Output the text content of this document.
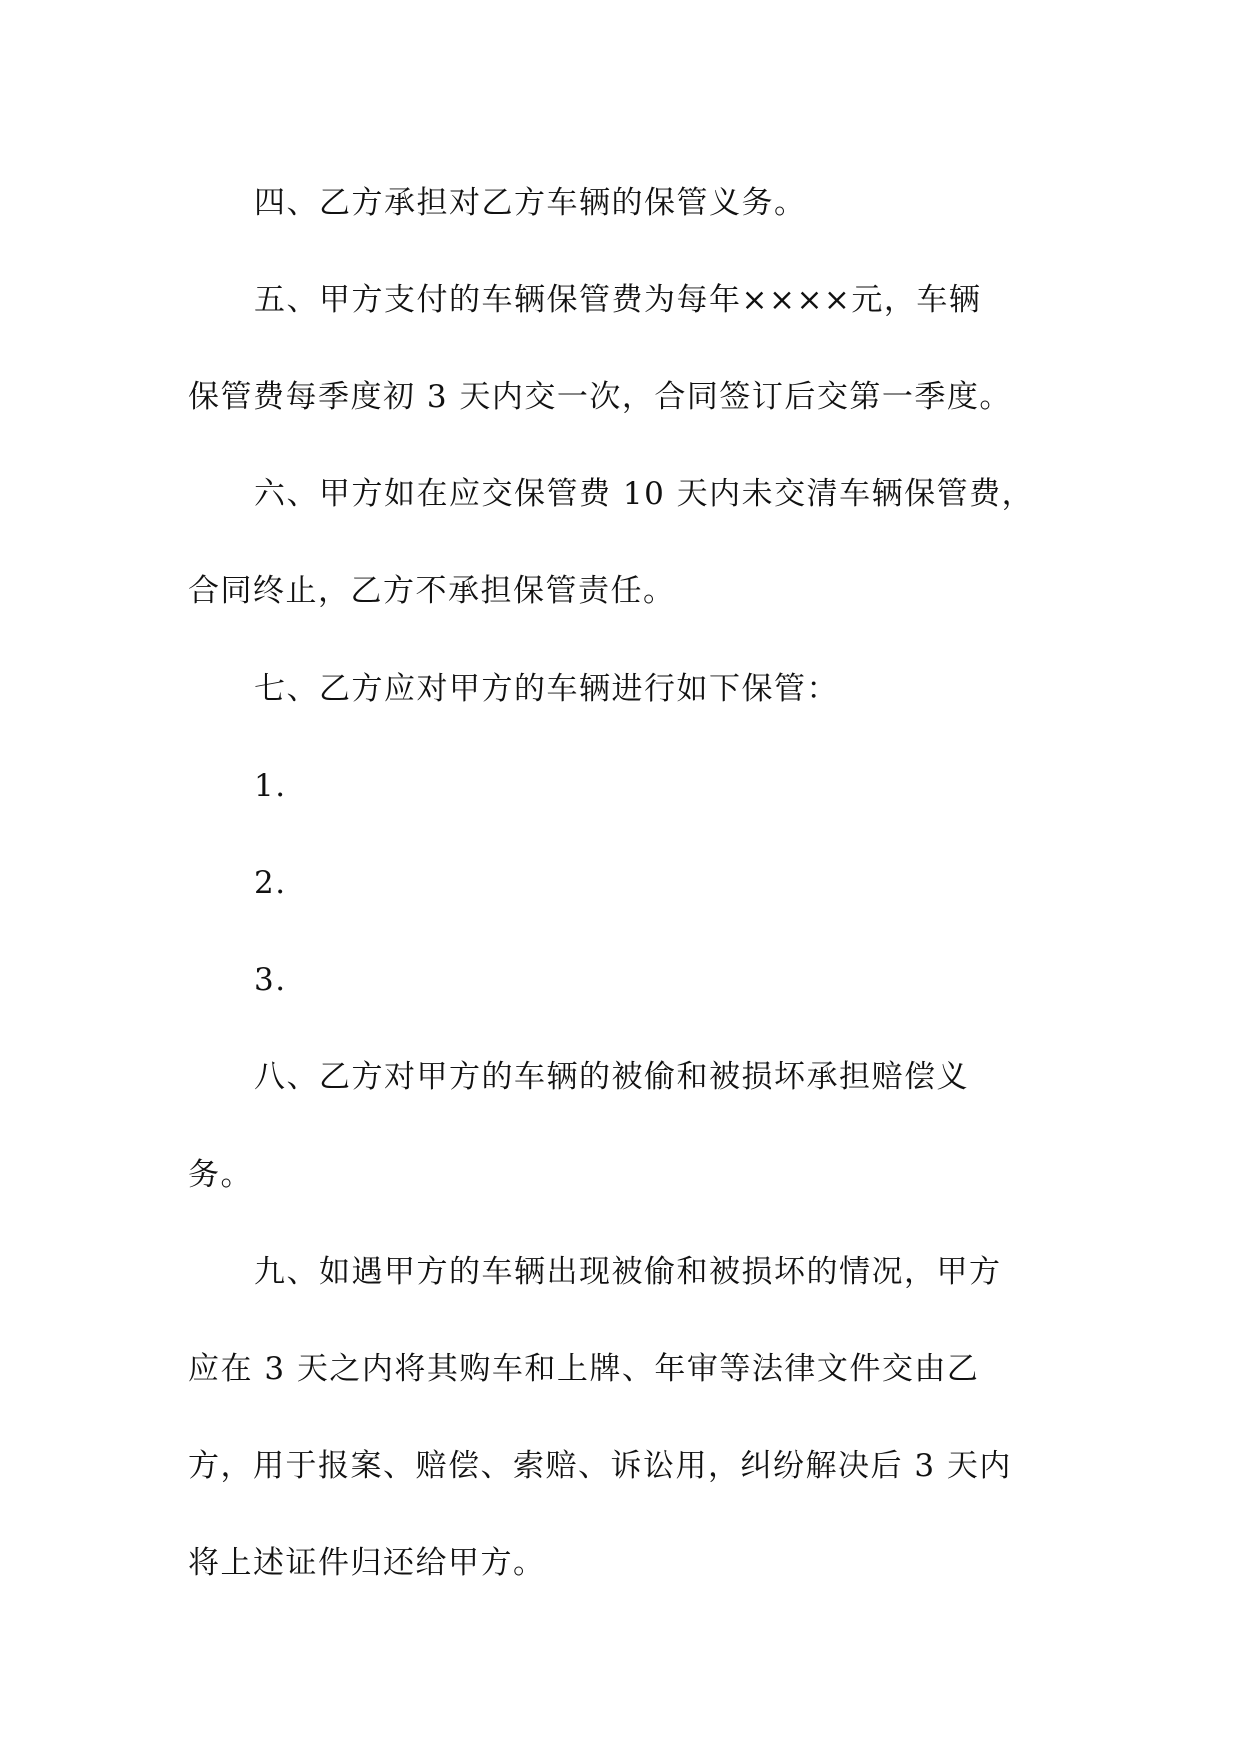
四、乙方承担对乙方车辆的保管义务。
五、甲方支付的车辆保管费为每年××××元，车辆
保管费每季度初 3 天内交一次，合同签订后交第一季度。
六、甲方如在应交保管费 10 天内未交清车辆保管费，
合同终止，乙方不承担保管责任。
七、乙方应对甲方的车辆进行如下保管：
1.
2.
3.
八、乙方对甲方的车辆的被偷和被损坏承担赔偿义
务。
九、如遇甲方的车辆出现被偷和被损坏的情况，甲方
应在 3 天之内将其购车和上牌、年审等法律文件交由乙
方，用于报案、赔偿、索赔、诉讼用，纠纷解决后 3 天内
将上述证件归还给甲方。
